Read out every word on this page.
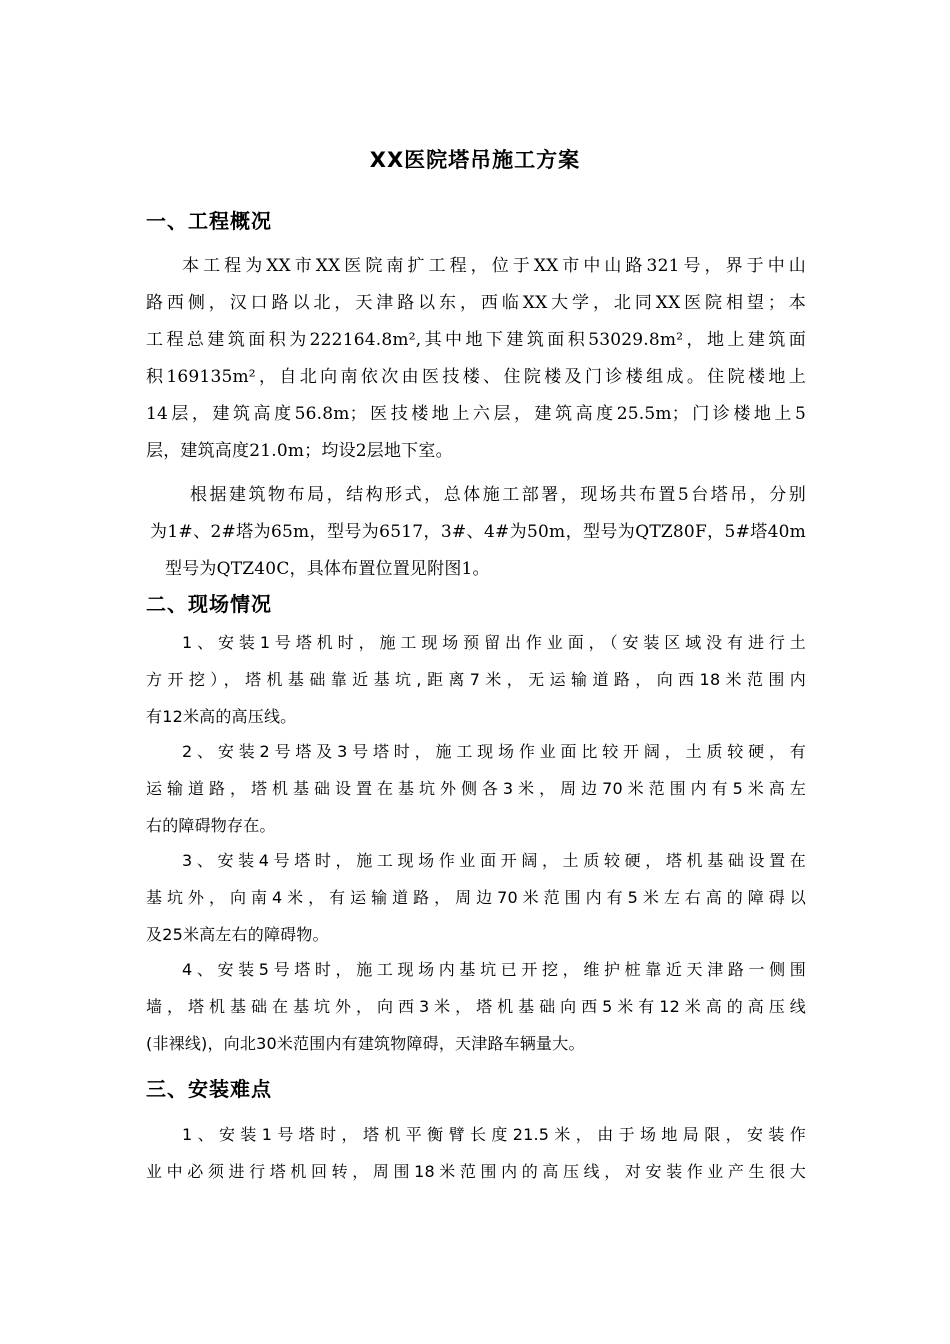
XX医院塔吊施工方案
一、工程概况
本工程为XX市XX医院南扩工程，位于XX市中山路321号，界于中山
路西侧，汉口路以北，天津路以东，西临XX大学，北同XX医院相望；本
工程总建筑面积为222164.8m²,其中地下建筑面积53029.8m²，地上建筑面
积169135m²，自北向南依次由医技楼、住院楼及门诊楼组成。住院楼地上
14层，建筑高度56.8m；医技楼地上六层，建筑高度25.5m；门诊楼地上5
层，建筑高度21.0m；均设2层地下室。
根据建筑物布局，结构形式，总体施工部署，现场共布置5台塔吊，分别
为1#、2#塔为65m，型号为6517，3#、4#为50m，型号为QTZ80F，5#塔40m
型号为QTZ40C，具体布置位置见附图1。
二、现场情况
1、安装1号塔机时，施工现场预留出作业面，（安装区域没有进行土
方开挖），塔机基础靠近基坑,距离7米，无运输道路，向西18米范围内
有12米高的高压线。
2、安装2号塔及3号塔时，施工现场作业面比较开阔，土质较硬，有
运输道路，塔机基础设置在基坑外侧各3米，周边70米范围内有5米高左
右的障碍物存在。
3、安装4号塔时，施工现场作业面开阔，土质较硬，塔机基础设置在
基坑外，向南4米，有运输道路，周边70米范围内有5米左右高的障碍以
及25米高左右的障碍物。
4、安装5号塔时，施工现场内基坑已开挖，维护桩靠近天津路一侧围
墙，塔机基础在基坑外，向西3米，塔机基础向西5米有12米高的高压线
(非裸线)，向北30米范围内有建筑物障碍，天津路车辆量大。
三、安装难点
1、安装1号塔时，塔机平衡臂长度21.5米，由于场地局限，安装作
业中必须进行塔机回转，周围18米范围内的高压线，对安装作业产生很大
